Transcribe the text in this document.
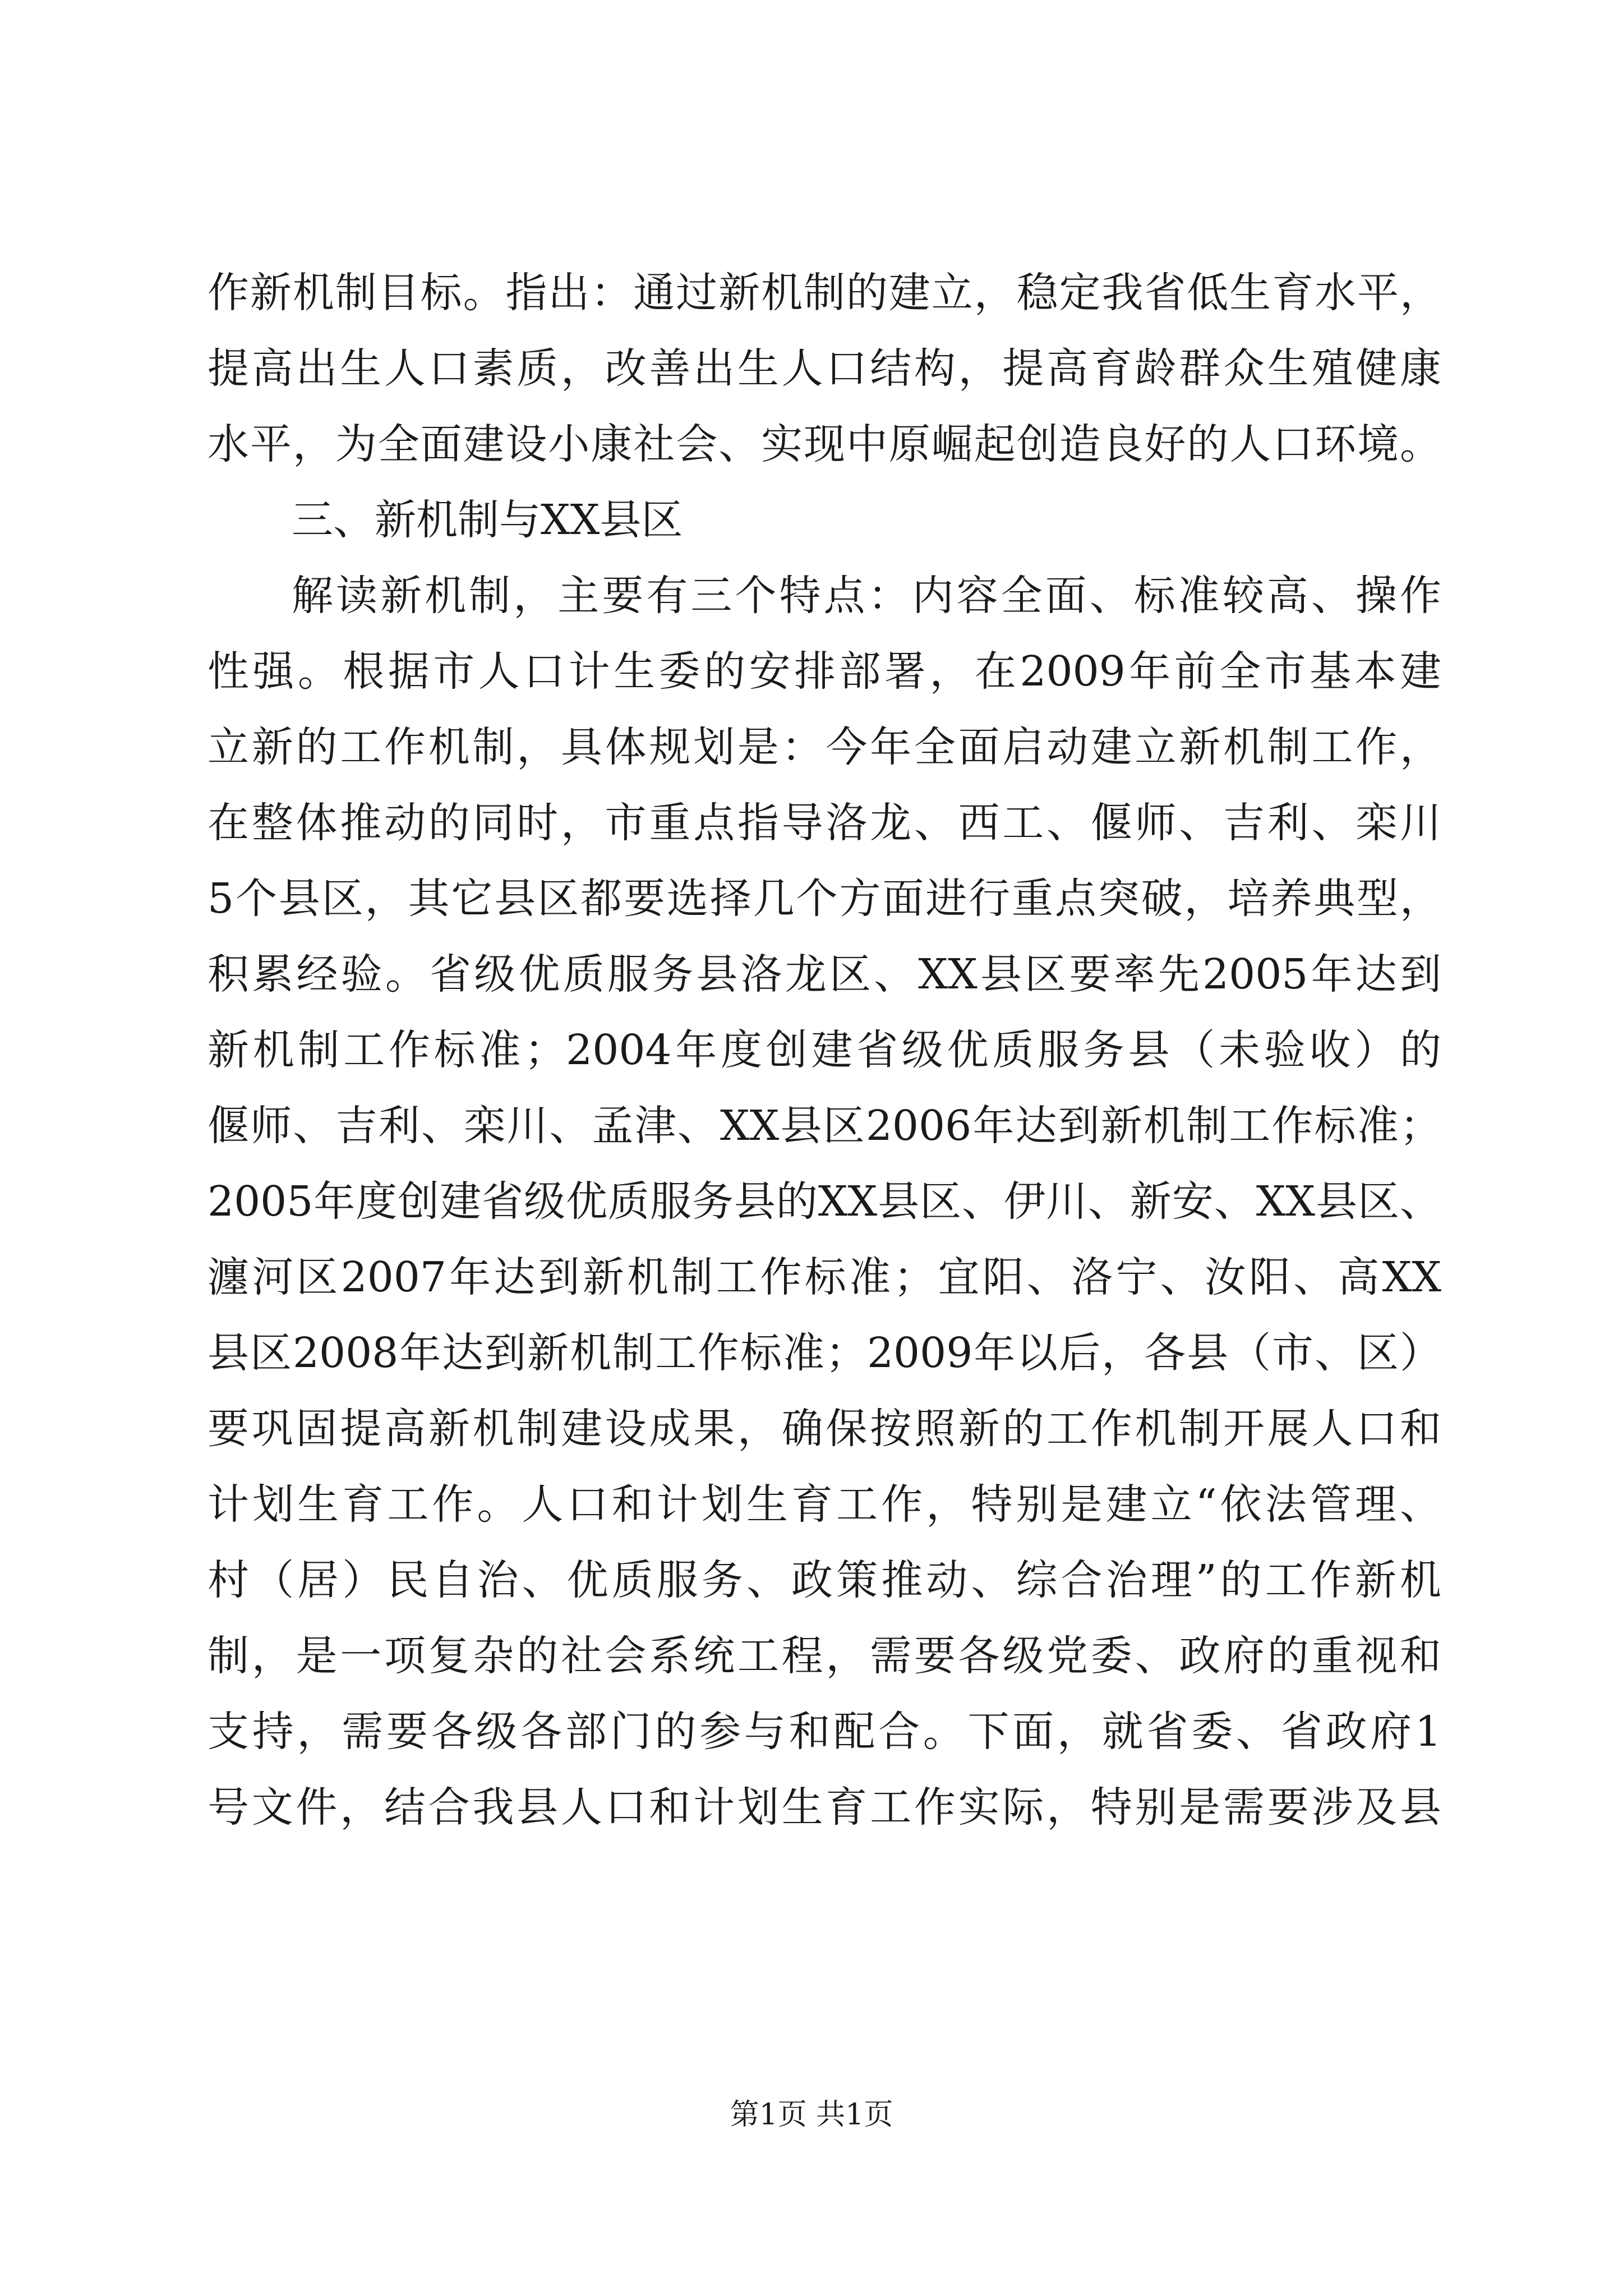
作新机制目标。指出：通过新机制的建立，稳定我省低生育水平，
提高出生人口素质，改善出生人口结构，提高育龄群众生殖健康
水平，为全面建设小康社会、实现中原崛起创造良好的人口环境。
三、新机制与XX县区
解读新机制，主要有三个特点：内容全面、标准较高、操作
性强。根据市人口计生委的安排部署，在2009年前全市基本建
立新的工作机制，具体规划是：今年全面启动建立新机制工作，
在整体推动的同时，市重点指导洛龙、西工、偃师、吉利、栾川
5个县区，其它县区都要选择几个方面进行重点突破，培养典型，
积累经验。省级优质服务县洛龙区、XX县区要率先2005年达到
新机制工作标准；2004年度创建省级优质服务县（未验收）的
偃师、吉利、栾川、孟津、XX县区2006年达到新机制工作标准；
2005年度创建省级优质服务县的XX县区、伊川、新安、XX县区、
瀍河区2007年达到新机制工作标准；宜阳、洛宁、汝阳、高XX
县区2008年达到新机制工作标准；2009年以后，各县（市、区）
要巩固提高新机制建设成果，确保按照新的工作机制开展人口和
计划生育工作。人口和计划生育工作，特别是建立“依法管理、
村（居）民自治、优质服务、政策推动、综合治理”的工作新机
制，是一项复杂的社会系统工程，需要各级党委、政府的重视和
支持，需要各级各部门的参与和配合。下面，就省委、省政府1
号文件，结合我县人口和计划生育工作实际，特别是需要涉及县
第1页 共1页
